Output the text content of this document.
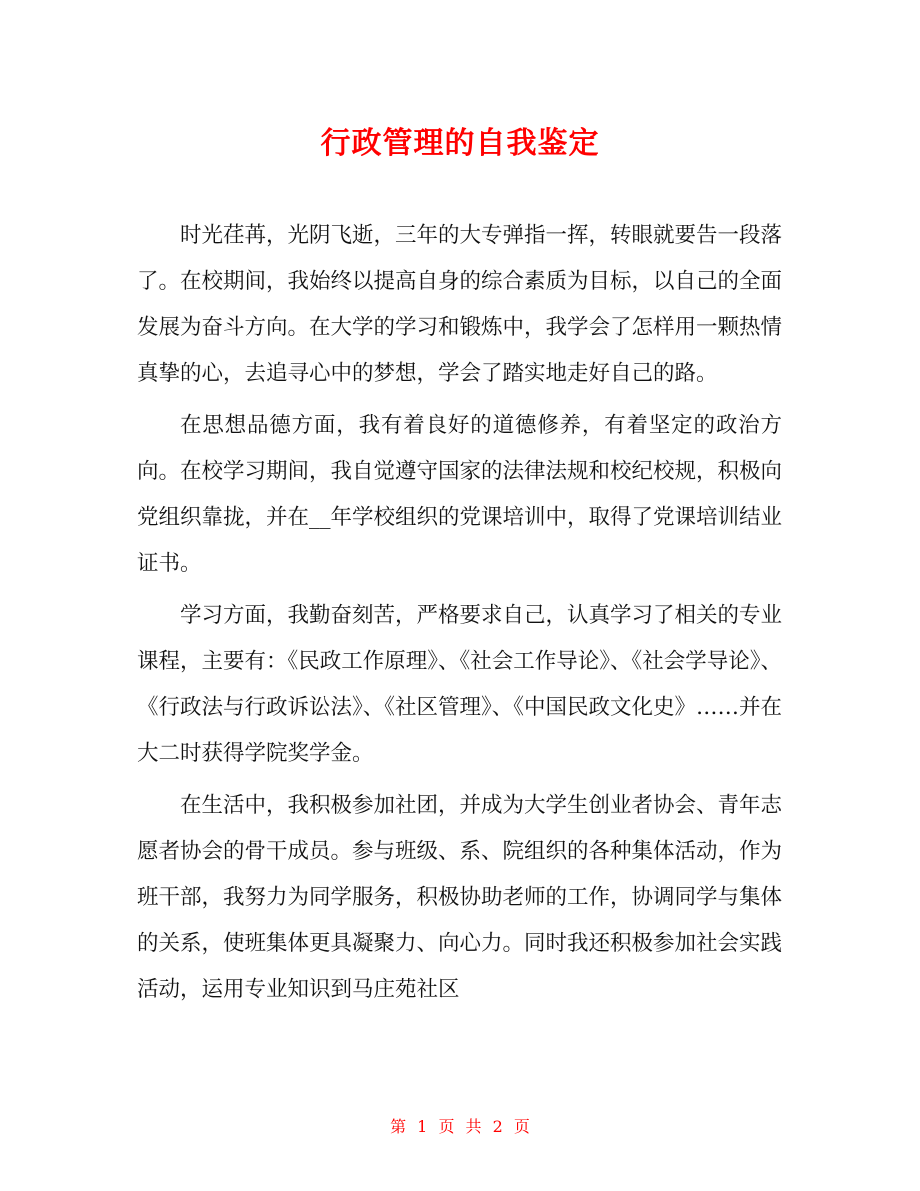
行政管理的自我鉴定

时光荏苒，光阴飞逝，三年的大专弹指一挥，转眼就要告一段落了。在校期间，我始终以提高自身的综合素质为目标，以自己的全面发展为奋斗方向。在大学的学习和锻炼中，我学会了怎样用一颗热情真挚的心，去追寻心中的梦想，学会了踏实地走好自己的路。

在思想品德方面，我有着良好的道德修养，有着坚定的政治方向。在校学习期间，我自觉遵守国家的法律法规和校纪校规，积极向党组织靠拢，并在__年学校组织的党课培训中，取得了党课培训结业证书。

学习方面，我勤奋刻苦，严格要求自己，认真学习了相关的专业课程，主要有：《民政工作原理》、《社会工作导论》、《社会学导论》、《行政法与行政诉讼法》、《社区管理》、《中国民政文化史》……并在大二时获得学院奖学金。

在生活中，我积极参加社团，并成为大学生创业者协会、青年志愿者协会的骨干成员。参与班级、系、院组织的各种集体活动，作为班干部，我努力为同学服务，积极协助老师的工作，协调同学与集体的关系，使班集体更具凝聚力、向心力。同时我还积极参加社会实践活动，运用专业知识到马庄苑社区

第 1 页 共 2 页
